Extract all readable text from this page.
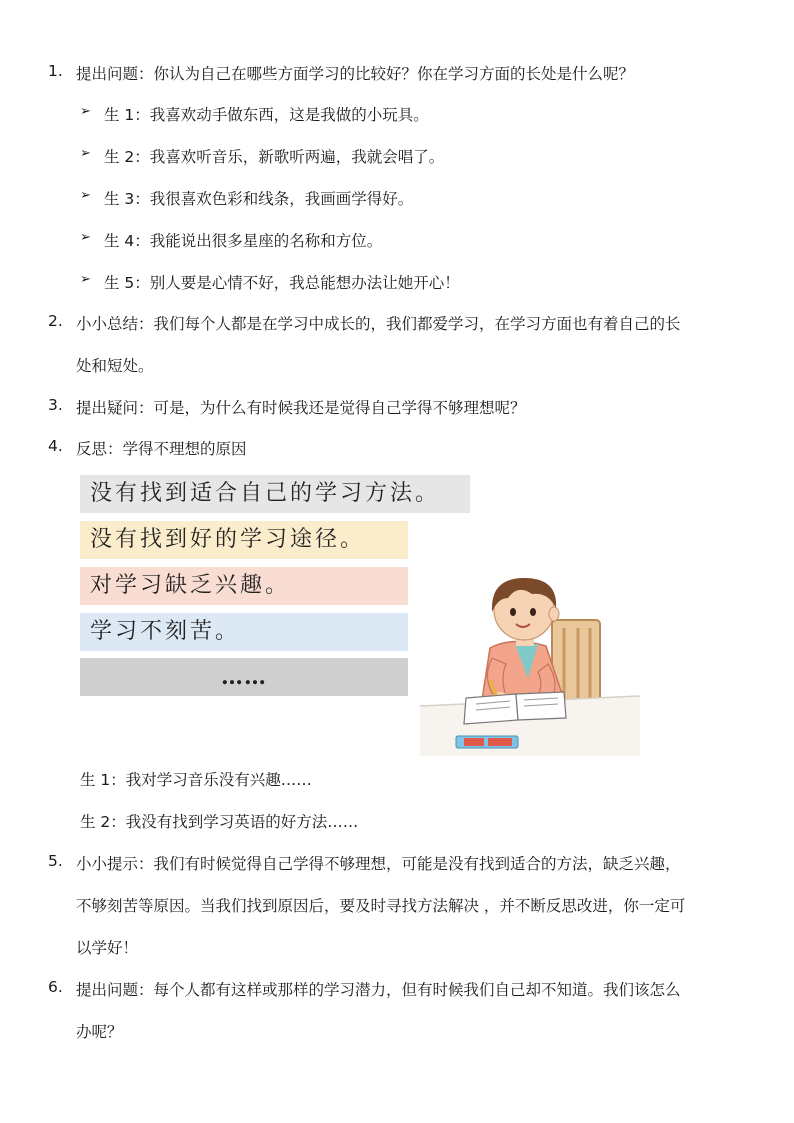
1. 提出问题：你认为自己在哪些方面学习的比较好？你在学习方面的长处是什么呢？
➢ 生 1：我喜欢动手做东西，这是我做的小玩具。
➢ 生 2：我喜欢听音乐，新歌听两遍，我就会唱了。
➢ 生 3：我很喜欢色彩和线条，我画画学得好。
➢ 生 4：我能说出很多星座的名称和方位。
➢ 生 5：别人要是心情不好，我总能想办法让她开心！
2. 小小总结：我们每个人都是在学习中成长的，我们都爱学习，在学习方面也有着自己的长
处和短处。
3. 提出疑问：可是，为什么有时候我还是觉得自己学得不够理想呢？
4. 反思：学得不理想的原因
没有找到适合自己的学习方法。
没有找到好的学习途径。
对学习缺乏兴趣。
学习不刻苦。
……
生 1：我对学习音乐没有兴趣……
生 2：我没有找到学习英语的好方法……
5. 小小提示：我们有时候觉得自己学得不够理想，可能是没有找到适合的方法，缺乏兴趣，
不够刻苦等原因。当我们找到原因后，要及时寻找方法解决 ，并不断反思改进，你一定可
以学好！
6. 提出问题：每个人都有这样或那样的学习潜力，但有时候我们自己却不知道。我们该怎么
办呢？
